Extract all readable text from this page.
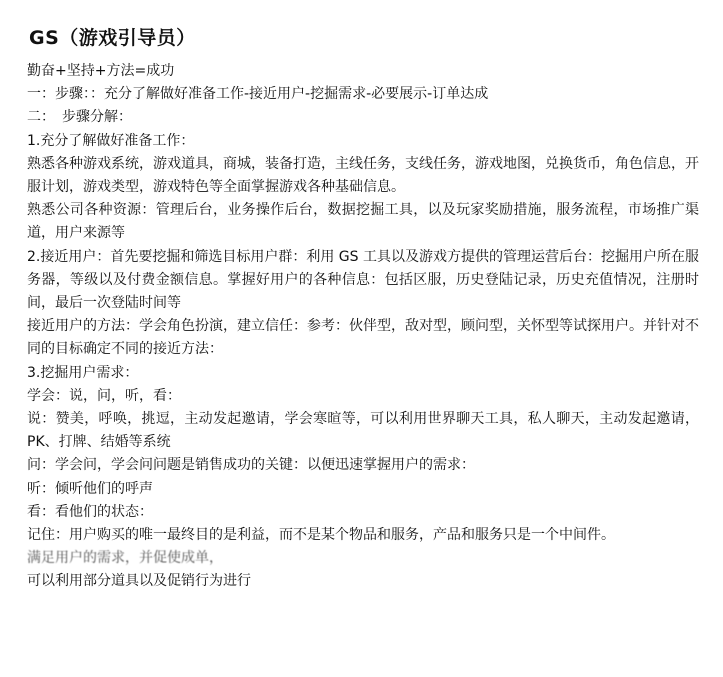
GS（游戏引导员）

勤奋+坚持+方法=成功

一：步骤：：充分了解做好准备工作-接近用户-挖掘需求-必要展示-订单达成

二：　步骤分解：

1.充分了解做好准备工作：

熟悉各种游戏系统，游戏道具，商城，装备打造，主线任务，支线任务，游戏地图，兑换货币，角色信息，开服计划，游戏类型，游戏特色等全面掌握游戏各种基础信息。

熟悉公司各种资源：管理后台，业务操作后台，数据挖掘工具，以及玩家奖励措施，服务流程，市场推广渠道，用户来源等

2.接近用户：首先要挖掘和筛选目标用户群：利用 GS 工具以及游戏方提供的管理运营后台：挖掘用户所在服务器，等级以及付费金额信息。掌握好用户的各种信息：包括区服，历史登陆记录，历史充值情况，注册时间，最后一次登陆时间等

接近用户的方法：学会角色扮演，建立信任：参考：伙伴型，敌对型，顾问型，关怀型等试探用户。并针对不同的目标确定不同的接近方法：

3.挖掘用户需求：

学会：说，问，听，看：

说：赞美，呼唤，挑逗，主动发起邀请，学会寒暄等，可以利用世界聊天工具，私人聊天，主动发起邀请，PK、打牌、结婚等系统

问：学会问，学会问问题是销售成功的关键：以便迅速掌握用户的需求：

听：倾听他们的呼声

看：看他们的状态：

记住：用户购买的唯一最终目的是利益，而不是某个物品和服务，产品和服务只是一个中间件。

满足用户的需求，并促使成单，

可以利用部分道具以及促销行为进行
